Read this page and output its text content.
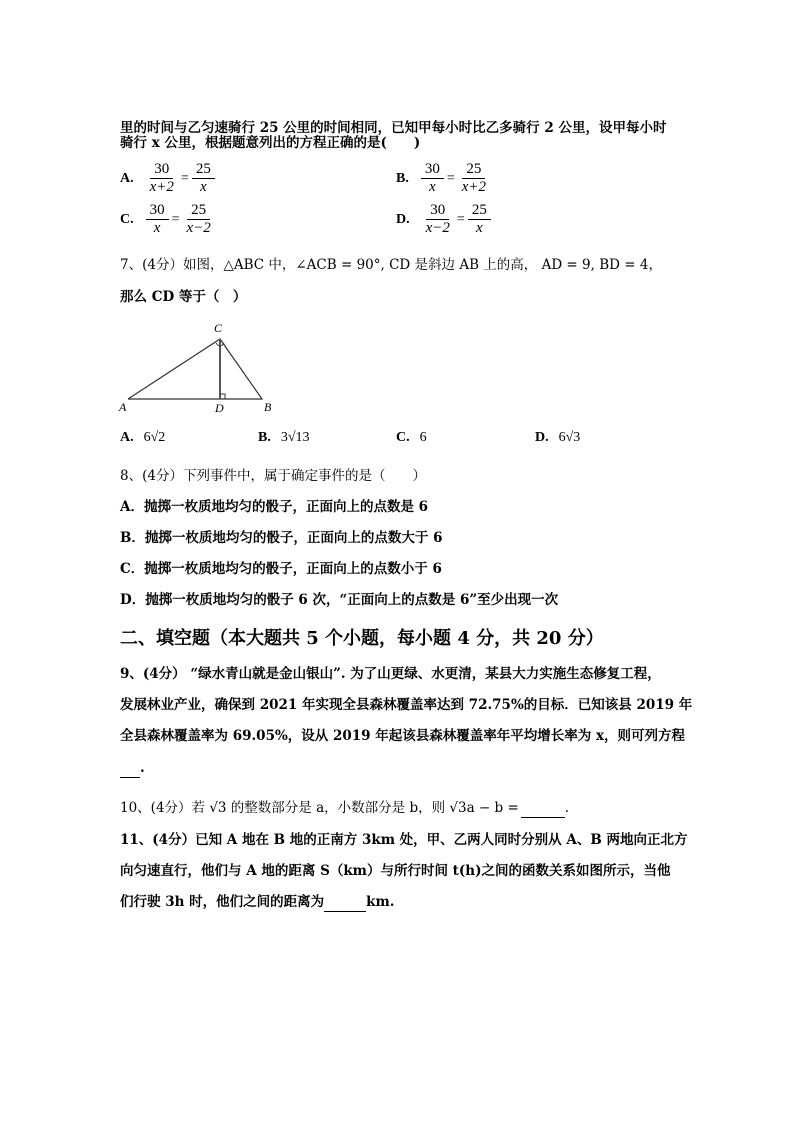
里的时间与乙匀速骑行 25 公里的时间相同，已知甲每小时比乙多骑行 2 公里，设甲每小时
骑行 x 公里，根据题意列出的方程正确的是(　　)
A. $\frac{30}{x+2} = \frac{25}{x}$	B. $\frac{30}{x} = \frac{25}{x+2}$
C. $\frac{30}{x} = \frac{25}{x-2}$	D. $\frac{30}{x-2} = \frac{25}{x}$
7、(4分）如图，△ABC 中，∠ACB = 90°, CD 是斜边 AB 上的高， AD = 9, BD = 4，
那么 CD 等于（　）
C
A	D	B
A. 6√2	B. 3√13	C. 6	D. 6√3
8、(4分）下列事件中，属于确定事件的是（　　）
A．抛掷一枚质地均匀的骰子，正面向上的点数是 6
B．抛掷一枚质地均匀的骰子，正面向上的点数大于 6
C．抛掷一枚质地均匀的骰子，正面向上的点数小于 6
D．抛掷一枚质地均匀的骰子 6 次，“正面向上的点数是 6”至少出现一次
二、填空题（本大题共 5 个小题，每小题 4 分，共 20 分）
9、(4分） “绿水青山就是金山银山”. 为了山更绿、水更清，某县大力实施生态修复工程，
发展林业产业，确保到 2021 年实现全县森林覆盖率达到 72.75%的目标．已知该县 2019 年
全县森林覆盖率为 69.05%，设从 2019 年起该县森林覆盖率年平均增长率为 x，则可列方程
.
10、(4分）若 √3 的整数部分是 a，小数部分是 b，则 √3a − b =	.
11、(4分）已知 A 地在 B 地的正南方 3km 处，甲、乙两人同时分别从 A、B 两地向正北方
向匀速直行，他们与 A 地的距离 S（km）与所行时间 t(h)之间的函数关系如图所示，当他
们行驶 3h 时，他们之间的距离为	km.
